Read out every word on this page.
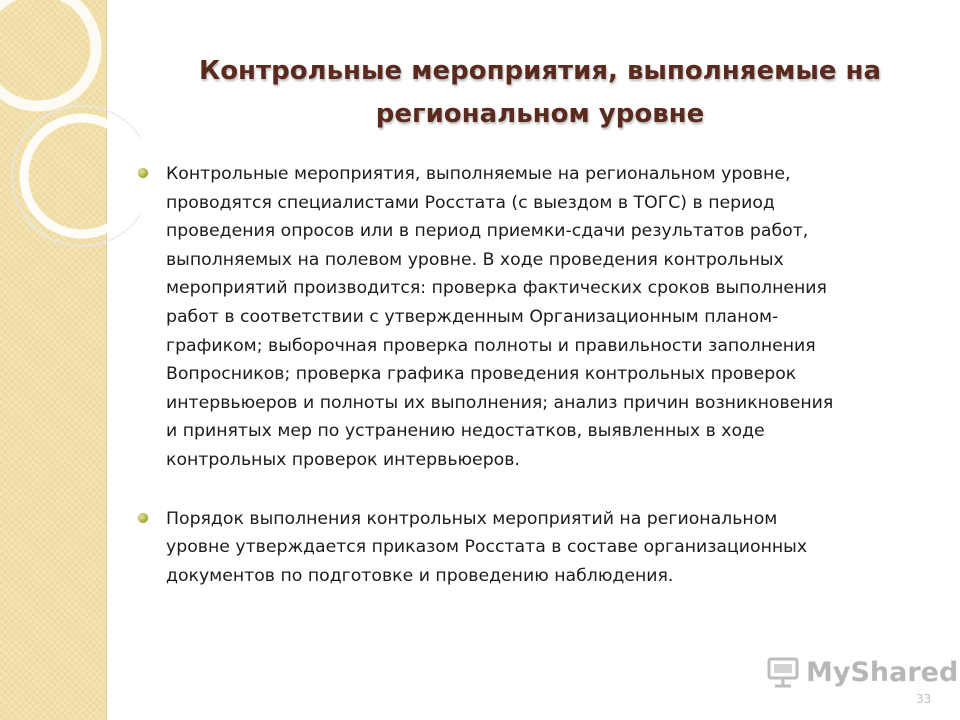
Контрольные мероприятия, выполняемые на
региональном уровне
Контрольные мероприятия, выполняемые на региональном уровне,
проводятся специалистами Росстата (с выездом в ТОГС) в период
проведения опросов или в период приемки-сдачи результатов работ,
выполняемых на полевом уровне. В ходе проведения контрольных
мероприятий производится: проверка фактических сроков выполнения
работ в соответствии с утвержденным Организационным планом-
графиком; выборочная проверка полноты и правильности заполнения
Вопросников; проверка графика проведения контрольных проверок
интервьюеров и полноты их выполнения; анализ причин возникновения
и принятых мер по устранению недостатков, выявленных в ходе
контрольных проверок интервьюеров.
Порядок выполнения контрольных мероприятий на региональном
уровне утверждается приказом Росстата в составе организационных
документов по подготовке и проведению наблюдения.
MyShared
33
